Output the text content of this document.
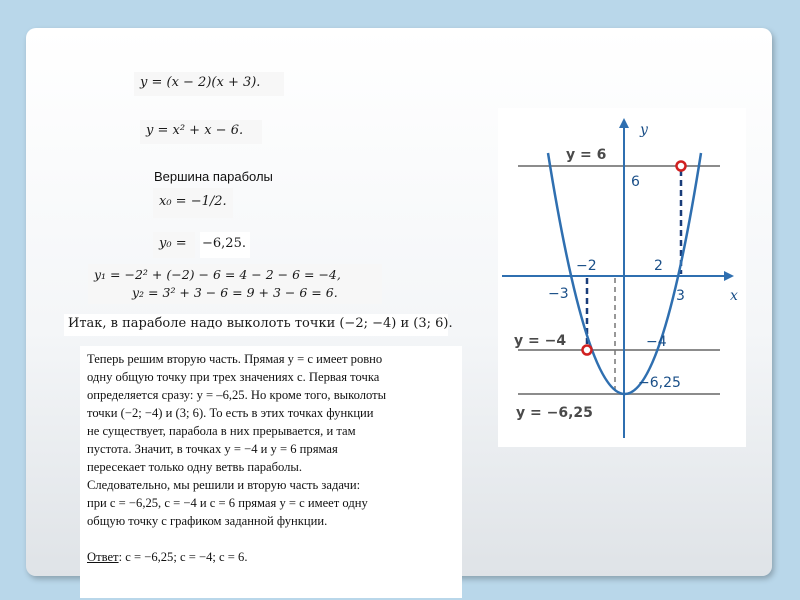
y = (x − 2)(x + 3).
y = x² + x − 6.
Вершина параболы
x₀ = −1/2.
y₀ =	−6,25.
y₁ = −2² + (−2) − 6 = 4 − 2 − 6 = −4,
y₂ = 3² + 3 − 6 = 9 + 3 − 6 = 6.
Итак, в параболе надо выколоть точки (−2; −4) и (3; 6).

Теперь решим вторую часть. Прямая y = c имеет ровно

одну общую точку при трех значениях c. Первая точка

определяется сразу: y = –6,25. Но кроме того, выколоты

точки (−2; −4) и (3; 6). То есть в этих точках функции

не существует, парабола в них прерывается, и там

пустота. Значит, в точках y = −4 и y = 6 прямая

пересекает только одну ветвь параболы.

Следовательно, мы решили и вторую часть задачи:

при c = −6,25, c = −4 и c = 6 прямая y = c имеет одну

общую точку с графиком заданной функции.

Ответ: c = −6,25; c = −4; c = 6.

y
x
y = 6
y = −4
y = −6,25
6
−4
−6,25
−2	2
−3	3
